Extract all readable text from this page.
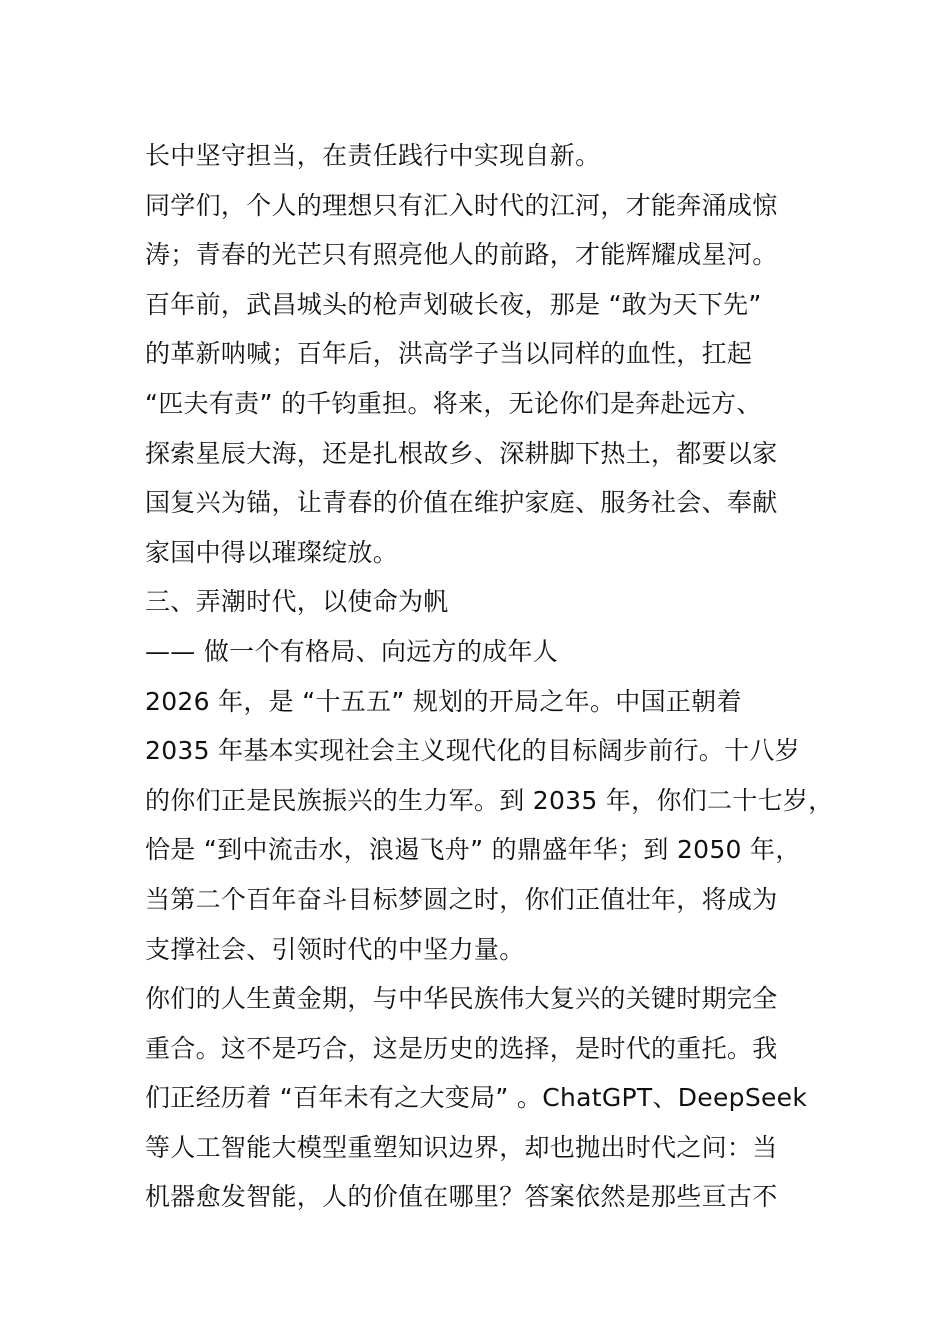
长中坚守担当，在责任践行中实现自新。
同学们，个人的理想只有汇入时代的江河，才能奔涌成惊
涛；青春的光芒只有照亮他人的前路，才能辉耀成星河。
百年前，武昌城头的枪声划破长夜，那是 “敢为天下先”
的革新呐喊；百年后，洪高学子当以同样的血性，扛起
“匹夫有责” 的千钧重担。将来，无论你们是奔赴远方、
探索星辰大海，还是扎根故乡、深耕脚下热土，都要以家
国复兴为锚，让青春的价值在维护家庭、服务社会、奉献
家国中得以璀璨绽放。
三、弄潮时代，以使命为帆
—— 做一个有格局、向远方的成年人
2026 年，是 “十五五” 规划的开局之年。中国正朝着
2035 年基本实现社会主义现代化的目标阔步前行。十八岁
的你们正是民族振兴的生力军。到 2035 年，你们二十七岁，
恰是 “到中流击水，浪遏飞舟” 的鼎盛年华；到 2050 年，
当第二个百年奋斗目标梦圆之时，你们正值壮年，将成为
支撑社会、引领时代的中坚力量。
你们的人生黄金期，与中华民族伟大复兴的关键时期完全
重合。这不是巧合，这是历史的选择，是时代的重托。我
们正经历着 “百年未有之大变局” 。ChatGPT、DeepSeek
等人工智能大模型重塑知识边界，却也抛出时代之问：当
机器愈发智能，人的价值在哪里？答案依然是那些亘古不
